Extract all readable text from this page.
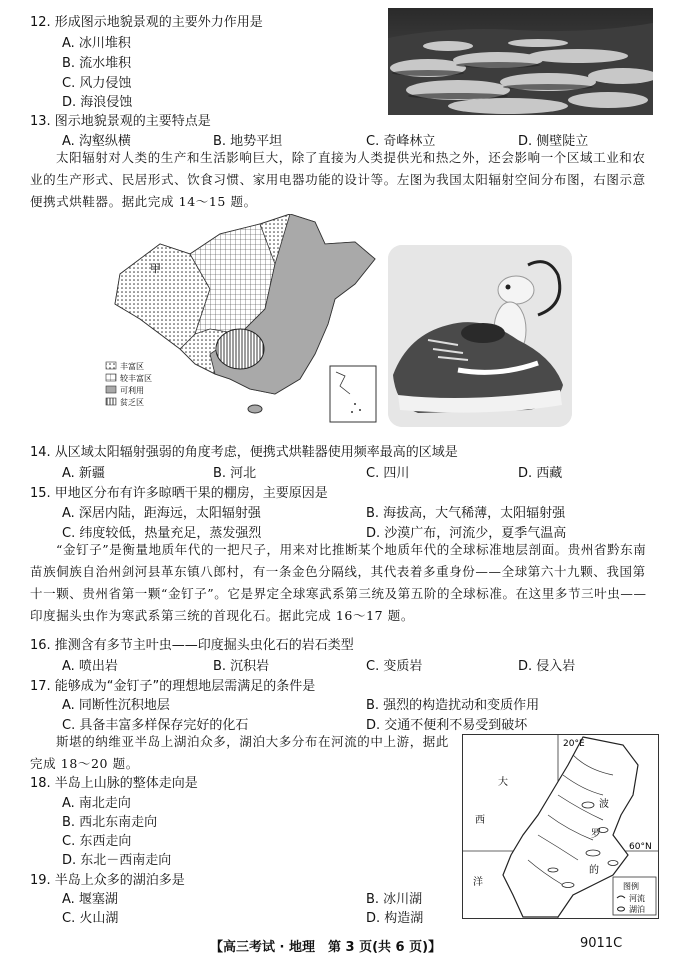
12. 形成图示地貌景观的主要外力作用是
A. 冰川堆积
B. 流水堆积
C. 风力侵蚀
D. 海浪侵蚀
13. 图示地貌景观的主要特点是
A. 沟壑纵横	B. 地势平坦	C. 奇峰林立	D. 侧壁陡立

太阳辐射对人类的生产和生活影响巨大，除了直接为人类提供光和热之外，还会影响一个区域工业和农业的生产形式、民居形式、饮食习惯、家用电器功能的设计等。左图为我国太阳辐射空间分布图，右图示意便携式烘鞋器。据此完成 14～15 题。

甲
丰富区
较丰富区
可利用
贫乏区
14. 从区域太阳辐射强弱的角度考虑，便携式烘鞋器使用频率最高的区域是
A. 新疆	B. 河北	C. 四川	D. 西藏
15. 甲地区分布有许多晾晒干果的棚房，主要原因是
A. 深居内陆，距海远，太阳辐射强	B. 海拔高，大气稀薄，太阳辐射强
C. 纬度较低，热量充足，蒸发强烈	D. 沙漠广布，河流少，夏季气温高

“金钉子”是衡量地质年代的一把尺子，用来对比推断某个地质年代的全球标准地层剖面。贵州省黔东南苗族侗族自治州剑河县革东镇八郎村，有一条金色分隔线，其代表着多重身份——全球第六十九颗、我国第十一颗、贵州省第一颗“金钉子”。它是界定全球寒武系第三统及第五阶的全球标准。在这里多节三叶虫——印度掘头虫作为寒武系第三统的首现化石。据此完成 16～17 题。

16. 推测含有多节主叶虫——印度掘头虫化石的岩石类型
A. 喷出岩	B. 沉积岩	C. 变质岩	D. 侵入岩
17. 能够成为“金钉子”的理想地层需满足的条件是
A. 同断性沉积地层	B. 强烈的构造扰动和变质作用
C. 具备丰富多样保存完好的化石	D. 交通不便利不易受到破坏

斯堪的纳维亚半岛上湖泊众多，湖泊大多分布在河流的中上游，据此完成 18～20 题。

20°E
60°N
大
西
洋
波
罗
的
图例
河流
湖泊
18. 半岛上山脉的整体走向是
A. 南北走向
B. 西北东南走向
C. 东西走向
D. 东北－西南走向
19. 半岛上众多的湖泊多是
A. 堰塞湖	B. 冰川湖
C. 火山湖	D. 构造湖
【高三考试 · 地理　第 3 页(共 6 页)】	9011C
